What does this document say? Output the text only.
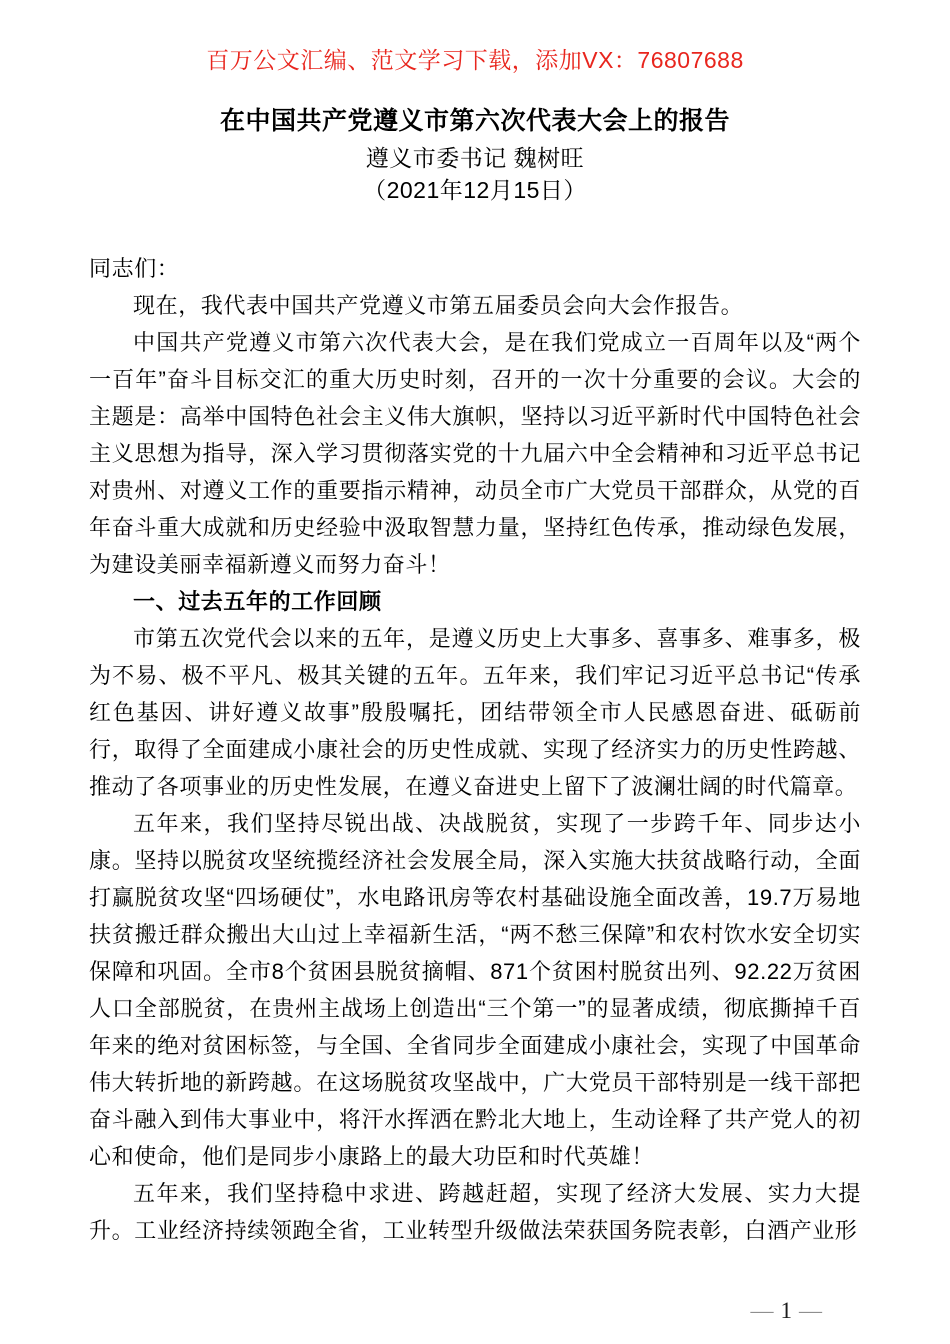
百万公文汇编、范文学习下载，添加VX：76807688
在中国共产党遵义市第六次代表大会上的报告
遵义市委书记 魏树旺
（2021年12月15日）

同志们：

现在，我代表中国共产党遵义市第五届委员会向大会作报告。

中国共产党遵义市第六次代表大会，是在我们党成立一百周年以及“两个一百年”奋斗目标交汇的重大历史时刻，召开的一次十分重要的会议。大会的主题是：高举中国特色社会主义伟大旗帜，坚持以习近平新时代中国特色社会主义思想为指导，深入学习贯彻落实党的十九届六中全会精神和习近平总书记对贵州、对遵义工作的重要指示精神，动员全市广大党员干部群众，从党的百年奋斗重大成就和历史经验中汲取智慧力量，坚持红色传承，推动绿色发展，为建设美丽幸福新遵义而努力奋斗！

一、过去五年的工作回顾

市第五次党代会以来的五年，是遵义历史上大事多、喜事多、难事多，极为不易、极不平凡、极其关键的五年。五年来，我们牢记习近平总书记“传承红色基因、讲好遵义故事”殷殷嘱托，团结带领全市人民感恩奋进、砥砺前行，取得了全面建成小康社会的历史性成就、实现了经济实力的历史性跨越、推动了各项事业的历史性发展，在遵义奋进史上留下了波澜壮阔的时代篇章。

五年来，我们坚持尽锐出战、决战脱贫，实现了一步跨千年、同步达小康。坚持以脱贫攻坚统揽经济社会发展全局，深入实施大扶贫战略行动，全面打赢脱贫攻坚“四场硬仗”，水电路讯房等农村基础设施全面改善，19.7万易地扶贫搬迁群众搬出大山过上幸福新生活，“两不愁三保障”和农村饮水安全切实保障和巩固。全市8个贫困县脱贫摘帽、871个贫困村脱贫出列、92.22万贫困人口全部脱贫，在贵州主战场上创造出“三个第一”的显著成绩，彻底撕掉千百年来的绝对贫困标签，与全国、全省同步全面建成小康社会，实现了中国革命伟大转折地的新跨越。在这场脱贫攻坚战中，广大党员干部特别是一线干部把奋斗融入到伟大事业中，将汗水挥洒在黔北大地上，生动诠释了共产党人的初心和使命，他们是同步小康路上的最大功臣和时代英雄！

五年来，我们坚持稳中求进、跨越赶超，实现了经济大发展、实力大提升。工业经济持续领跑全省，工业转型升级做法荣获国务院表彰，白酒产业形

— 1 —
